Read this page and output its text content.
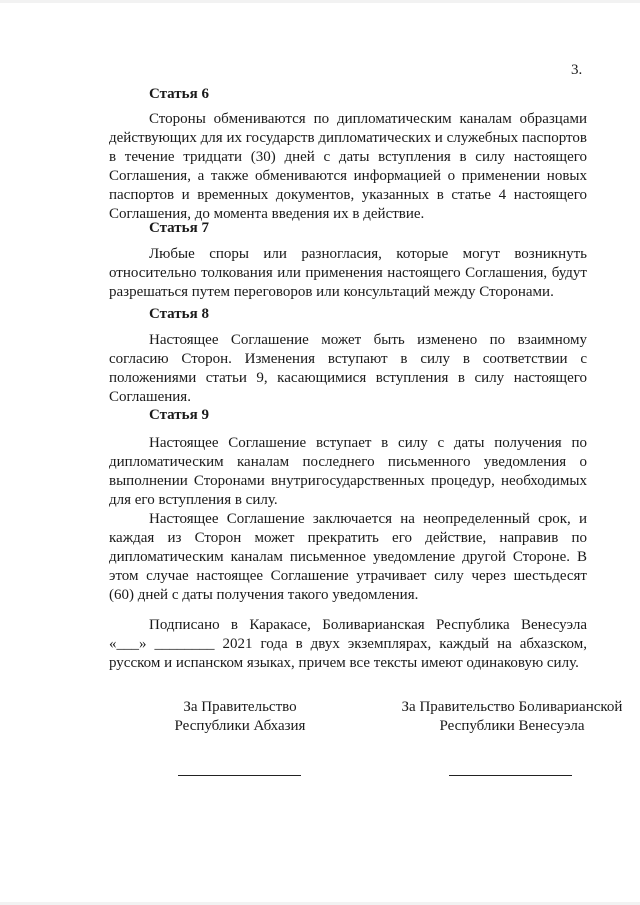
3.
Статья 6

Стороны обмениваются по дипломатическим каналам образцами действующих для их государств дипломатических и служебных паспортов в течение тридцати (30) дней с даты вступления в силу настоящего Соглашения, а также обмениваются информацией о применении новых паспортов и временных документов, указанных в статье 4 настоящего Соглашения, до момента введения их в действие.

Статья 7

Любые споры или разногласия, которые могут возникнуть относительно толкования или применения настоящего Соглашения, будут разрешаться путем переговоров или консультаций между Сторонами.

Статья 8

Настоящее Соглашение может быть изменено по взаимному согласию Сторон. Изменения вступают в силу в соответствии с положениями статьи 9, касающимися вступления в силу настоящего Соглашения.

Статья 9

Настоящее Соглашение вступает в силу с даты получения по дипломатическим каналам последнего письменного уведомления о выполнении Сторонами внутригосударственных процедур, необходимых для его вступления в силу.

Настоящее Соглашение заключается на неопределенный срок, и каждая из Сторон может прекратить его действие, направив по дипломатическим каналам письменное уведомление другой Стороне. В этом случае настоящее Соглашение утрачивает силу через шестьдесят (60) дней с даты получения такого уведомления.

Подписано в Каракасе, Боливарианская Республика Венесуэла «___» ________ 2021 года в двух экземплярах, каждый на абхазском, русском и испанском языках, причем все тексты имеют одинаковую силу.

За Правительство
Республики Абхазия
За Правительство Боливарианской
Республики Венесуэла
